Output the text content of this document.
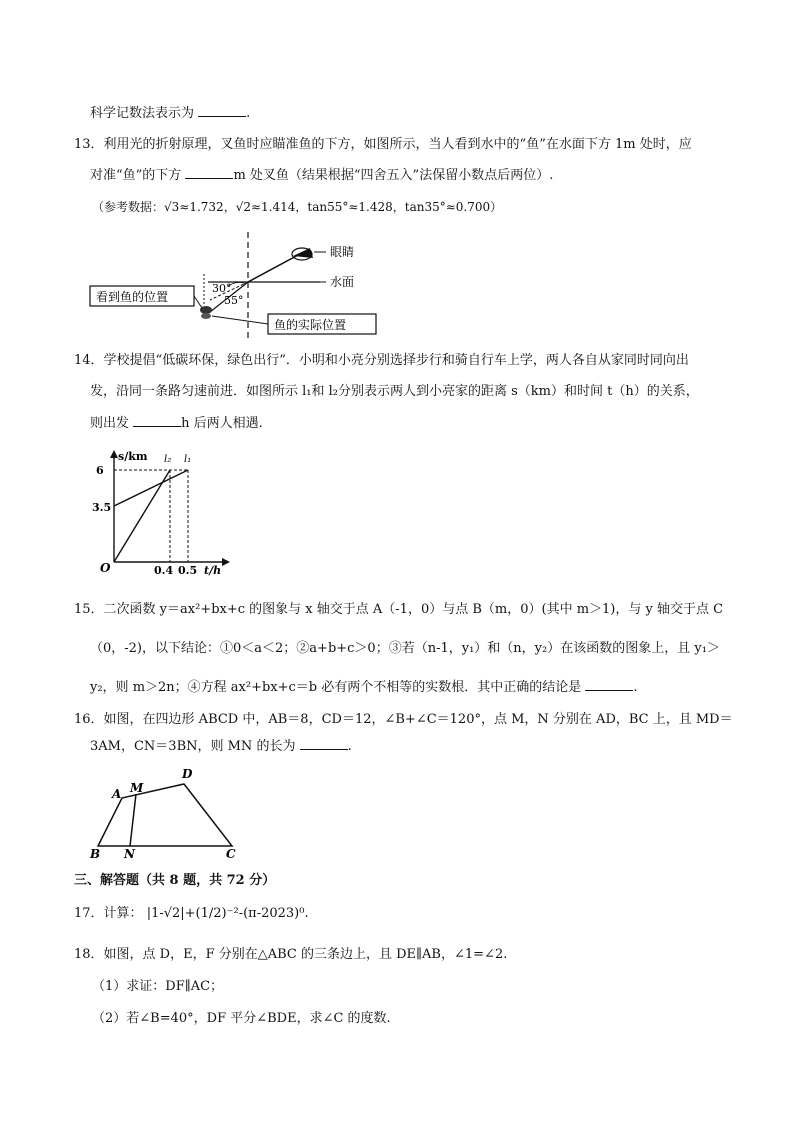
科学记数法表示为	.
13．利用光的折射原理，叉鱼时应瞄准鱼的下方，如图所示，当人看到水中的“鱼”在水面下方 1m 处时，应
对准“鱼”的下方	m 处叉鱼（结果根据“四舍五入”法保留小数点后两位）.
（参考数据：√3≈1.732，√2≈1.414，tan55°≈1.428，tan35°≈0.700）
眼睛
水面
30°
55°
看到鱼的位置
鱼的实际位置
14．学校提倡“低碳环保，绿色出行”．小明和小亮分别选择步行和骑自行车上学，两人各自从家同时同向出
发，沿同一条路匀速前进．如图所示 l₁和 l₂分别表示两人到小亮家的距离 s（km）和时间 t（h）的关系，
则出发	h 后两人相遇.
s/km
t/h
O
6
3.5
0.4 0.5
l₂ l₁
15．二次函数 y＝ax²+bx+c 的图象与 x 轴交于点 A（-1，0）与点 B（m，0）(其中 m＞1)，与 y 轴交于点 C
（0，-2)，以下结论：①0＜a＜2；②a+b+c＞0；③若（n-1，y₁）和（n，y₂）在该函数的图象上，且 y₁＞
y₂，则 m＞2n；④方程 ax²+bx+c＝b 必有两个不相等的实数根．其中正确的结论是	.
16．如图，在四边形 ABCD 中，AB＝8，CD＝12，∠B+∠C＝120°，点 M，N 分别在 AD，BC 上，且 MD＝
3AM，CN＝3BN，则 MN 的长为	.
A M
D
B N	C
三、解答题（共 8 题，共 72 分）
17．计算： |1-√2|+(1/2)⁻²-(π-2023)⁰.
18．如图，点 D，E，F 分别在△ABC 的三条边上，且 DE∥AB，∠1=∠2.
（1）求证：DF∥AC；
（2）若∠B=40°，DF 平分∠BDE，求∠C 的度数.
